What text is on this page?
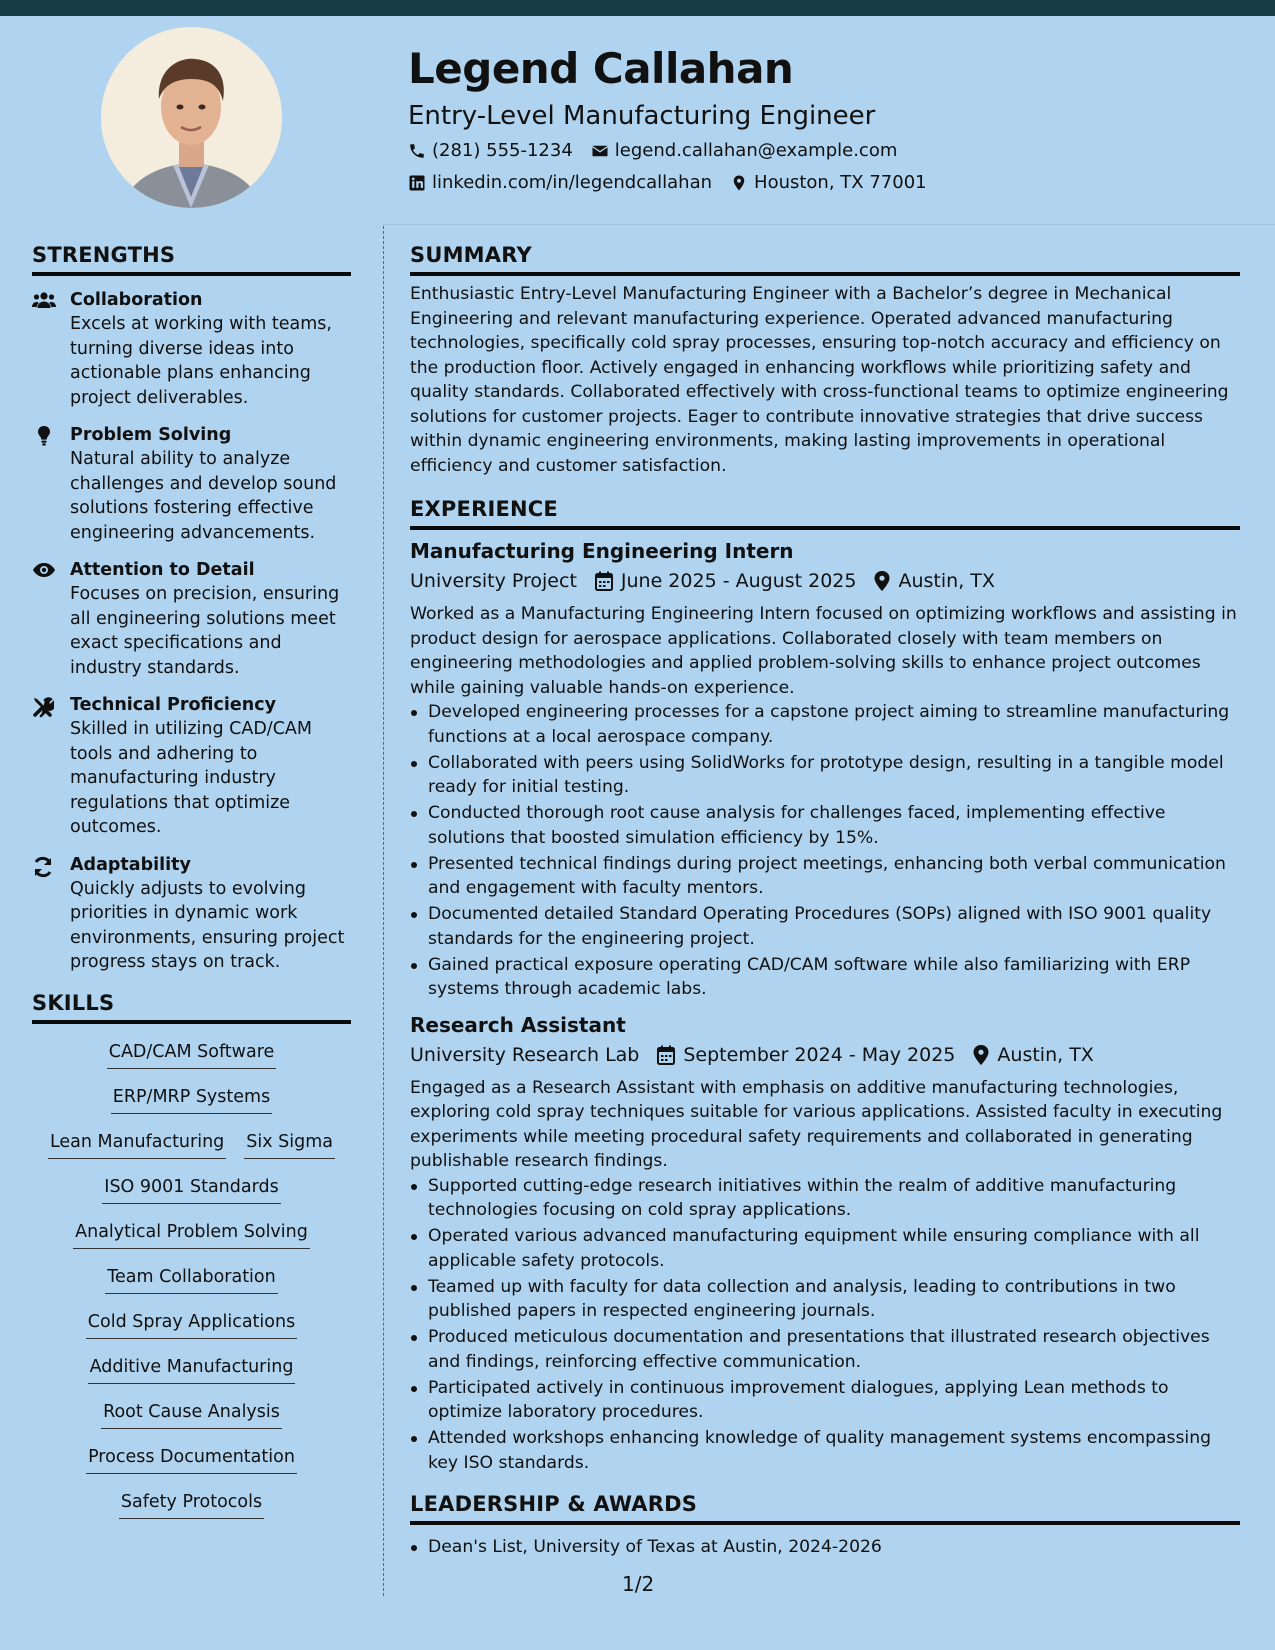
Legend Callahan
Entry-Level Manufacturing Engineer
(281) 555-1234 legend.callahan@example.com
linkedin.com/in/legendcallahan Houston, TX 77001
STRENGTHS
Collaboration
Excels at working with teams, turning diverse ideas into actionable plans enhancing project deliverables.
Problem Solving
Natural ability to analyze challenges and develop sound solutions fostering effective engineering advancements.
Attention to Detail
Focuses on precision, ensuring all engineering solutions meet exact specifications and industry standards.
Technical Proficiency
Skilled in utilizing CAD/CAM tools and adhering to manufacturing industry regulations that optimize outcomes.
Adaptability
Quickly adjusts to evolving priorities in dynamic work environments, ensuring project progress stays on track.
SKILLS
CAD/CAM Software
ERP/MRP Systems
Lean Manufacturing Six Sigma
ISO 9001 Standards
Analytical Problem Solving
Team Collaboration
Cold Spray Applications
Additive Manufacturing
Root Cause Analysis
Process Documentation
Safety Protocols
SUMMARY
Enthusiastic Entry-Level Manufacturing Engineer with a Bachelor’s degree in Mechanical Engineering and relevant manufacturing experience. Operated advanced manufacturing technologies, specifically cold spray processes, ensuring top-notch accuracy and efficiency on the production floor. Actively engaged in enhancing workflows while prioritizing safety and quality standards. Collaborated effectively with cross-functional teams to optimize engineering solutions for customer projects. Eager to contribute innovative strategies that drive success within dynamic engineering environments, making lasting improvements in operational efficiency and customer satisfaction.
EXPERIENCE
Manufacturing Engineering Intern
University Project June 2025 - August 2025 Austin, TX
Worked as a Manufacturing Engineering Intern focused on optimizing workflows and assisting in product design for aerospace applications. Collaborated closely with team members on engineering methodologies and applied problem-solving skills to enhance project outcomes while gaining valuable hands-on experience.
Developed engineering processes for a capstone project aiming to streamline manufacturing functions at a local aerospace company.
Collaborated with peers using SolidWorks for prototype design, resulting in a tangible model ready for initial testing.
Conducted thorough root cause analysis for challenges faced, implementing effective solutions that boosted simulation efficiency by 15%.
Presented technical findings during project meetings, enhancing both verbal communication and engagement with faculty mentors.
Documented detailed Standard Operating Procedures (SOPs) aligned with ISO 9001 quality standards for the engineering project.
Gained practical exposure operating CAD/CAM software while also familiarizing with ERP systems through academic labs.
Research Assistant
University Research Lab September 2024 - May 2025 Austin, TX
Engaged as a Research Assistant with emphasis on additive manufacturing technologies, exploring cold spray techniques suitable for various applications. Assisted faculty in executing experiments while meeting procedural safety requirements and collaborated in generating publishable research findings.
Supported cutting-edge research initiatives within the realm of additive manufacturing technologies focusing on cold spray applications.
Operated various advanced manufacturing equipment while ensuring compliance with all applicable safety protocols.
Teamed up with faculty for data collection and analysis, leading to contributions in two published papers in respected engineering journals.
Produced meticulous documentation and presentations that illustrated research objectives and findings, reinforcing effective communication.
Participated actively in continuous improvement dialogues, applying Lean methods to optimize laboratory procedures.
Attended workshops enhancing knowledge of quality management systems encompassing key ISO standards.
LEADERSHIP & AWARDS
Dean's List, University of Texas at Austin, 2024-2026
1/2
